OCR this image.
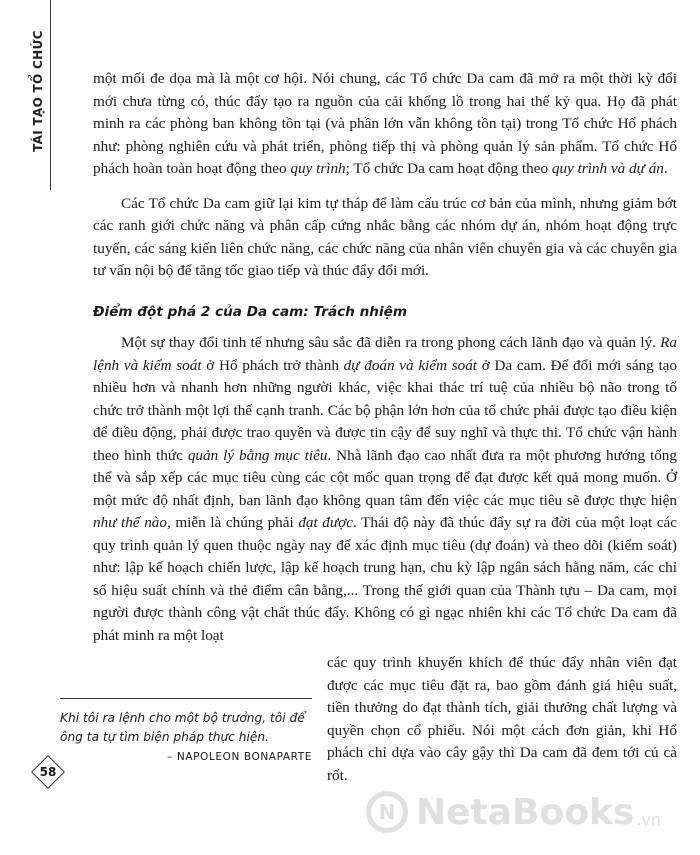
TÁI TẠO TỔ CHỨC	một mối đe dọa mà là một cơ hội. Nói chung, các Tổ chức Da cam đã mở ra một thời kỳ đổi mới chưa từng có, thúc đẩy tạo ra nguồn của cải khổng lồ trong hai thế kỷ qua. Họ đã phát minh ra các phòng ban không tồn tại (và phần lớn vẫn không tồn tại) trong Tổ chức Hổ phách như: phòng nghiên cứu và phát triển, phòng tiếp thị và phòng quản lý sản phẩm. Tổ chức Hổ phách hoàn toàn hoạt động theo quy trình; Tổ chức Da cam hoạt động theo quy trình và dự án.

Các Tổ chức Da cam giữ lại kim tự tháp để làm cấu trúc cơ bản của mình, nhưng giảm bớt các ranh giới chức năng và phân cấp cứng nhắc bằng các nhóm dự án, nhóm hoạt động trực tuyến, các sáng kiến liên chức năng, các chức năng của nhân viên chuyên gia và các chuyên gia tư vấn nội bộ để tăng tốc giao tiếp và thúc đẩy đổi mới.

Điểm đột phá 2 của Da cam: Trách nhiệm

Một sự thay đổi tinh tế nhưng sâu sắc đã diễn ra trong phong cách lãnh đạo và quản lý. Ra lệnh và kiểm soát ở Hổ phách trở thành dự đoán và kiểm soát ở Da cam. Để đổi mới sáng tạo nhiều hơn và nhanh hơn những người khác, việc khai thác trí tuệ của nhiều bộ não trong tổ chức trở thành một lợi thế cạnh tranh. Các bộ phận lớn hơn của tổ chức phải được tạo điều kiện để điều động, phải được trao quyền và được tin cậy để suy nghĩ và thực thi. Tổ chức vận hành theo hình thức quản lý bằng mục tiêu. Nhà lãnh đạo cao nhất đưa ra một phương hướng tổng thể và sắp xếp các mục tiêu cùng các cột mốc quan trọng để đạt được kết quả mong muốn. Ở một mức độ nhất định, ban lãnh đạo không quan tâm đến việc các mục tiêu sẽ được thực hiện như thế nào, miễn là chúng phải đạt được. Thái độ này đã thúc đẩy sự ra đời của một loạt các quy trình quản lý quen thuộc ngày nay để xác định mục tiêu (dự đoán) và theo dõi (kiểm soát) như: lập kế hoạch chiến lược, lập kế hoạch trung hạn, chu kỳ lập ngân sách hằng năm, các chỉ số hiệu suất chính và thẻ điểm cân bằng,... Trong thế giới quan của Thành tựu – Da cam, mọi người được thành công vật chất thúc đẩy. Không có gì ngạc nhiên khi các Tổ chức Da cam đã phát minh ra một loạt

các quy trình khuyến khích để thúc đẩy nhân viên đạt được các mục tiêu đặt ra, bao gồm đánh giá hiệu suất, tiền thưởng do đạt thành tích, giải thưởng chất lượng và quyền chọn cổ phiếu. Nói một cách đơn giản, khi Hổ phách chỉ dựa vào cây gậy thì Da cam đã đem tới củ cà rốt.

Khi tôi ra lệnh cho một bộ trưởng, tôi để ông ta tự tìm biện pháp thực hiện.

– NAPOLEON BONAPARTE
58
N NetaBooks .vn
